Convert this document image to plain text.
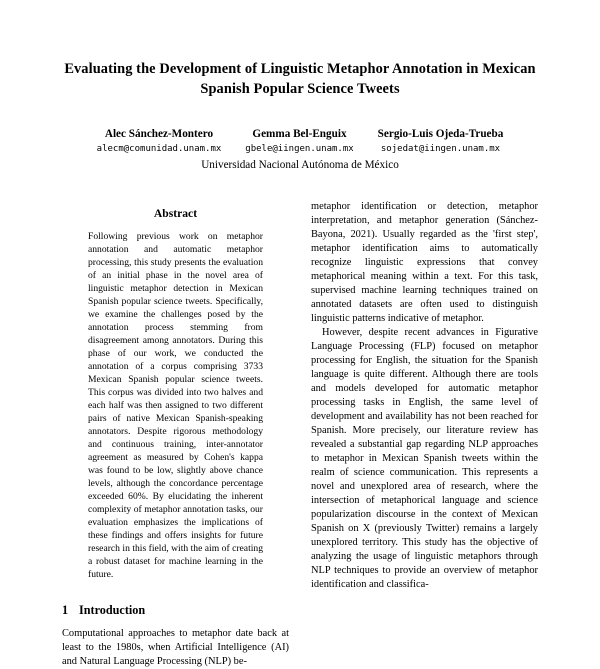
Evaluating the Development of Linguistic Metaphor Annotation in Mexican Spanish Popular Science Tweets
Alec Sánchez-Montero
alecm@comunidad.unam.mx
Gemma Bel-Enguix
gbele@iingen.unam.mx
Sergio-Luis Ojeda-Trueba
sojedat@iingen.unam.mx
Universidad Nacional Autónoma de México
Abstract

Following previous work on metaphor annotation and automatic metaphor processing, this study presents the evaluation of an initial phase in the novel area of linguistic metaphor detection in Mexican Spanish popular science tweets. Specifically, we examine the challenges posed by the annotation process stemming from disagreement among annotators. During this phase of our work, we conducted the annotation of a corpus comprising 3733 Mexican Spanish popular science tweets. This corpus was divided into two halves and each half was then assigned to two different pairs of native Mexican Spanish-speaking annotators. Despite rigorous methodology and continuous training, inter-annotator agreement as measured by Cohen's kappa was found to be low, slightly above chance levels, although the concordance percentage exceeded 60%. By elucidating the inherent complexity of metaphor annotation tasks, our evaluation emphasizes the implications of these findings and offers insights for future research in this field, with the aim of creating a robust dataset for machine learning in the future.

1 Introduction

Computational approaches to metaphor date back at least to the 1980s, when Artificial Intelligence (AI) and Natural Language Processing (NLP) be-

metaphor identification or detection, metaphor interpretation, and metaphor generation (Sánchez-Bayona, 2021). Usually regarded as the 'first step', metaphor identification aims to automatically recognize linguistic expressions that convey metaphorical meaning within a text. For this task, supervised machine learning techniques trained on annotated datasets are often used to distinguish linguistic patterns indicative of metaphor.

However, despite recent advances in Figurative Language Processing (FLP) focused on metaphor processing for English, the situation for the Spanish language is quite different. Although there are tools and models developed for automatic metaphor processing tasks in English, the same level of development and availability has not been reached for Spanish. More precisely, our literature review has revealed a substantial gap regarding NLP approaches to metaphor in Mexican Spanish tweets within the realm of science communication. This represents a novel and unexplored area of research, where the intersection of metaphorical language and science popularization discourse in the context of Mexican Spanish on X (previously Twitter) remains a largely unexplored territory. This study has the objective of analyzing the usage of linguistic metaphors through NLP techniques to provide an overview of metaphor identification and classifica-
